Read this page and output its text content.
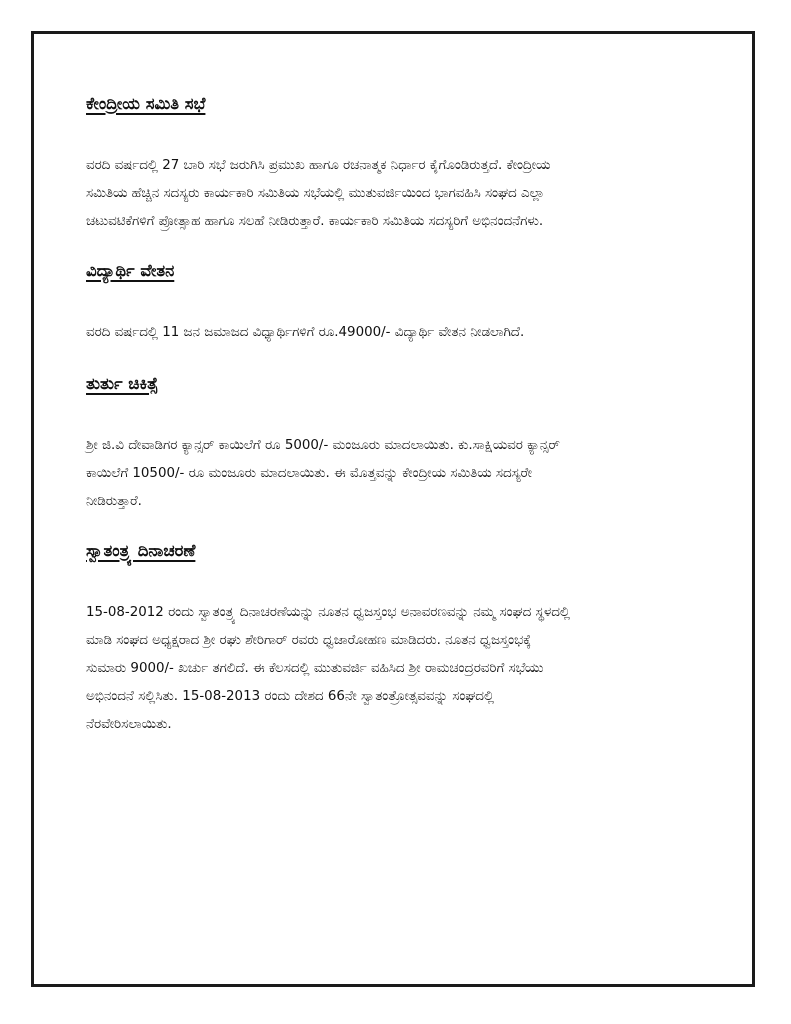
ಕೇಂದ್ರೀಯ ಸಮಿತಿ ಸಭೆ

ವರದಿ ವರ್ಷದಲ್ಲಿ 27 ಬಾರಿ ಸಭೆ ಜರುಗಿಸಿ ಪ್ರಮುಖ ಹಾಗೂ ರಚನಾತ್ಮಕ ನಿರ್ಧಾರ ಕೈಗೊಂಡಿರುತ್ತದೆ. ಕೇಂದ್ರೀಯ
ಸಮಿತಿಯ ಹೆಚ್ಚಿನ ಸದಸ್ಯರು ಕಾರ್ಯಕಾರಿ ಸಮಿತಿಯ ಸಭೆಯಲ್ಲಿ ಮುತುವರ್ಜಿಯಿಂದ ಭಾಗವಹಿಸಿ ಸಂಘದ ಎಲ್ಲಾ
ಚಟುವಟಿಕೆಗಳಿಗೆ ಪ್ರೋತ್ಸಾಹ ಹಾಗೂ ಸಲಹೆ ನೀಡಿರುತ್ತಾರೆ. ಕಾರ್ಯಕಾರಿ ಸಮಿತಿಯ ಸದಸ್ಯರಿಗೆ ಅಭಿನಂದನೆಗಳು.

ವಿದ್ಯಾರ್ಥಿ ವೇತನ

ವರದಿ ವರ್ಷದಲ್ಲಿ 11 ಜನ ಜಮಾಜದ ವಿಧ್ಯಾರ್ಥಿಗಳಿಗೆ ರೂ.49000/- ವಿದ್ಯಾರ್ಥಿ ವೇತನ ನೀಡಲಾಗಿದೆ.

ತುರ್ತು ಚಿಕಿತ್ಸೆ

ಶ್ರೀ ಜಿ.ವಿ ದೇವಾಡಿಗರ ಕ್ಯಾನ್ಸರ್ ಕಾಯಿಲೆಗೆ ರೂ 5000/- ಮಂಜೂರು ಮಾದಲಾಯಿತು. ಕು.ಸಾಕ್ಷಿಯವರ ಕ್ಯಾನ್ಸರ್
ಕಾಯಿಲೆಗೆ 10500/- ರೂ ಮಂಜೂರು ಮಾದಲಾಯಿತು. ಈ ಮೊತ್ತವನ್ನು ಕೇಂದ್ರೀಯ ಸಮಿತಿಯ ಸದಸ್ಯರೇ
ನೀಡಿರುತ್ತಾರೆ.

ಸ್ವಾತಂತ್ರ್ಯ ದಿನಾಚರಣೆ

15-08-2012 ರಂದು ಸ್ವಾತಂತ್ರ್ಯ ದಿನಾಚರಣೆಯನ್ನು ನೂತನ ಧ್ವಜಸ್ತಂಭ ಅನಾವರಣವನ್ನು ನಮ್ಮ ಸಂಘದ ಸ್ಥಳದಲ್ಲಿ
ಮಾಡಿ ಸಂಘದ ಅಧ್ಯಕ್ಷರಾದ ಶ್ರೀ ರಘು ಶೇರಿಗಾರ್ ರವರು ಧ್ವಜಾರೋಹಣ ಮಾಡಿದರು. ನೂತನ ಧ್ವಜಸ್ತಂಭಕ್ಕೆ
ಸುಮಾರು 9000/- ಖರ್ಚು ತಗಲಿದೆ. ಈ ಕೆಲಸದಲ್ಲಿ ಮುತುವರ್ಜಿ ವಹಿಸಿದ ಶ್ರೀ ರಾಮಚಂದ್ರರವರಿಗೆ ಸಭೆಯು
ಅಭಿನಂದನೆ ಸಲ್ಲಿಸಿತು. 15-08-2013 ರಂದು ದೇಶದ 66ನೇ ಸ್ವಾತಂತ್ರೋತ್ಸವವನ್ನು ಸಂಘದಲ್ಲಿ
ನೆರವೇರಿಸಲಾಯಿತು.
